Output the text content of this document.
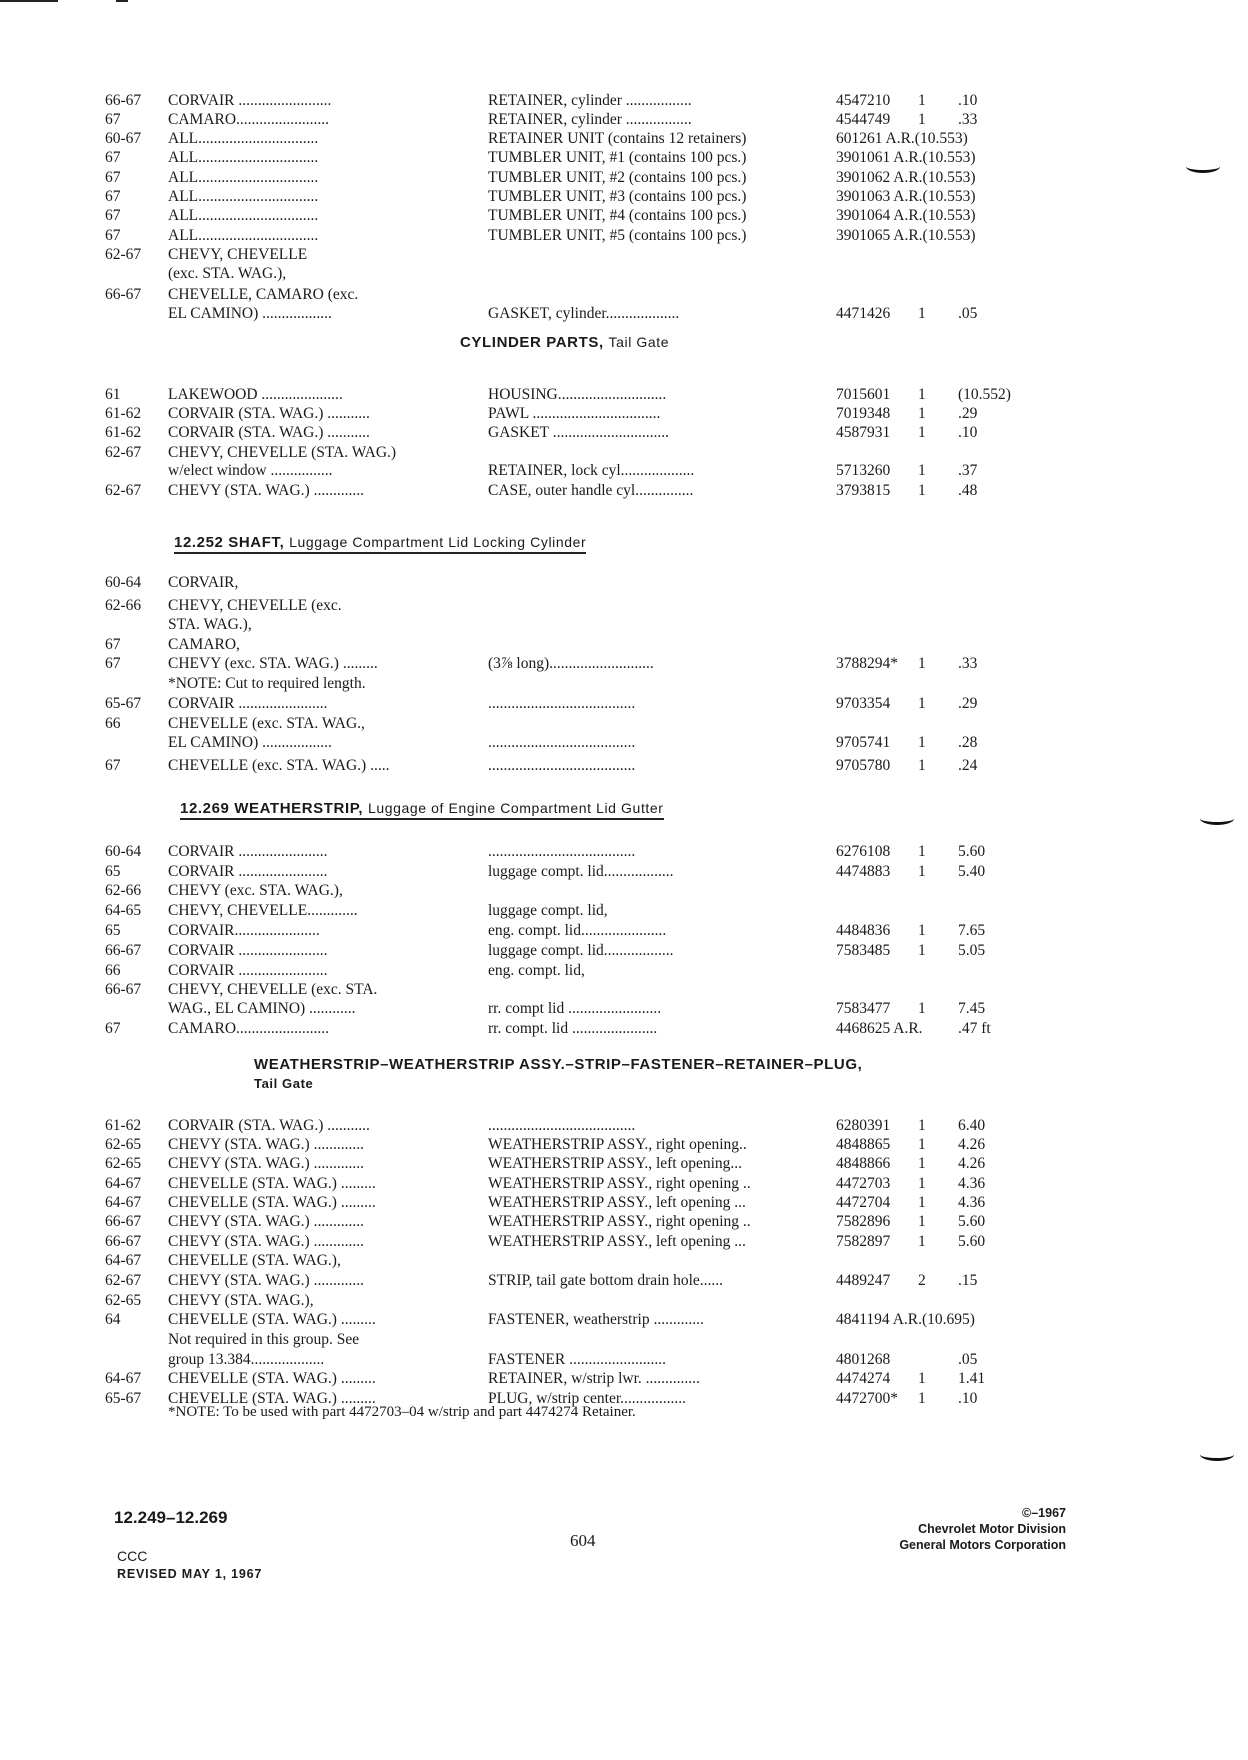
66-67	CORVAIR ........................	RETAINER, cylinder .................	4547210	1	.10
67	CAMARO........................	RETAINER, cylinder .................	4544749	1	.33
60-67	ALL...............................	RETAINER UNIT (contains 12 retainers)	601261 A.R.(10.553)
67	ALL...............................	TUMBLER UNIT, #1 (contains 100 pcs.)	3901061 A.R.(10.553)
67	ALL...............................	TUMBLER UNIT, #2 (contains 100 pcs.)	3901062 A.R.(10.553)
67	ALL...............................	TUMBLER UNIT, #3 (contains 100 pcs.)	3901063 A.R.(10.553)
67	ALL...............................	TUMBLER UNIT, #4 (contains 100 pcs.)	3901064 A.R.(10.553)
67	ALL...............................	TUMBLER UNIT, #5 (contains 100 pcs.)	3901065 A.R.(10.553)
62-67	CHEVY, CHEVELLE
(exc. STA. WAG.),
66-67	CHEVELLE, CAMARO (exc.
EL CAMINO) ..................	GASKET, cylinder...................	4471426	1	.05
CYLINDER PARTS, Tail Gate
61	LAKEWOOD .....................	HOUSING............................	7015601	1	(10.552)
61-62	CORVAIR (STA. WAG.) ...........	PAWL .................................	7019348	1	.29
61-62	CORVAIR (STA. WAG.) ...........	GASKET ..............................	4587931	1	.10
62-67	CHEVY, CHEVELLE (STA. WAG.)
w/elect window ................	RETAINER, lock cyl...................	5713260	1	.37
62-67	CHEVY (STA. WAG.) .............	CASE, outer handle cyl...............	3793815	1	.48
12.252 SHAFT, Luggage Compartment Lid Locking Cylinder
60-64	CORVAIR,
62-66	CHEVY, CHEVELLE (exc.
STA. WAG.),
67	CAMARO,
67	CHEVY (exc. STA. WAG.) .........	(3⅞ long)...........................	3788294*	1	.33
*NOTE: Cut to required length.
65-67	CORVAIR .......................	......................................	9703354	1	.29
66	CHEVELLE (exc. STA. WAG.,
EL CAMINO) ..................	......................................	9705741	1	.28
67	CHEVELLE (exc. STA. WAG.) .....	......................................	9705780	1	.24
12.269 WEATHERSTRIP, Luggage of Engine Compartment Lid Gutter
60-64	CORVAIR .......................	......................................	6276108	1	5.60
65	CORVAIR .......................	luggage compt. lid..................	4474883	1	5.40
62-66	CHEVY (exc. STA. WAG.),
64-65	CHEVY, CHEVELLE.............	luggage compt. lid,
65	CORVAIR......................	eng. compt. lid......................	4484836	1	7.65
66-67	CORVAIR .......................	luggage compt. lid..................	7583485	1	5.05
66	CORVAIR .......................	eng. compt. lid,
66-67	CHEVY, CHEVELLE (exc. STA.
WAG., EL CAMINO) ............	rr. compt lid ........................	7583477	1	7.45
67	CAMARO........................	rr. compt. lid ......................	4468625 A.R.	.47 ft
Tail Gate
WEATHERSTRIP–WEATHERSTRIP ASSY.–STRIP–FASTENER–RETAINER–PLUG,
61-62	CORVAIR (STA. WAG.) ...........	......................................	6280391	1	6.40
62-65	CHEVY (STA. WAG.) .............	WEATHERSTRIP ASSY., right opening..	4848865	1	4.26
62-65	CHEVY (STA. WAG.) .............	WEATHERSTRIP ASSY., left opening...	4848866	1	4.26
64-67	CHEVELLE (STA. WAG.) .........	WEATHERSTRIP ASSY., right opening ..	4472703	1	4.36
64-67	CHEVELLE (STA. WAG.) .........	WEATHERSTRIP ASSY., left opening ...	4472704	1	4.36
66-67	CHEVY (STA. WAG.) .............	WEATHERSTRIP ASSY., right opening ..	7582896	1	5.60
66-67	CHEVY (STA. WAG.) .............	WEATHERSTRIP ASSY., left opening ...	7582897	1	5.60
64-67	CHEVELLE (STA. WAG.),
62-67	CHEVY (STA. WAG.) .............	STRIP, tail gate bottom drain hole......	4489247	2	.15
62-65	CHEVY (STA. WAG.),
64	CHEVELLE (STA. WAG.) .........	FASTENER, weatherstrip .............	4841194 A.R.(10.695)
Not required in this group. See
group 13.384...................	FASTENER .........................	4801268	.05
64-67	CHEVELLE (STA. WAG.) .........	RETAINER, w/strip lwr. ..............	4474274	1	1.41
65-67	CHEVELLE (STA. WAG.) .........	PLUG, w/strip center.................	4472700*	1	.10
*NOTE: To be used with part 4472703–04 w/strip and part 4474274 Retainer.
12.249–12.269
CCC
REVISED MAY 1, 1967
604
©–1967
Chevrolet Motor Division
General Motors Corporation
